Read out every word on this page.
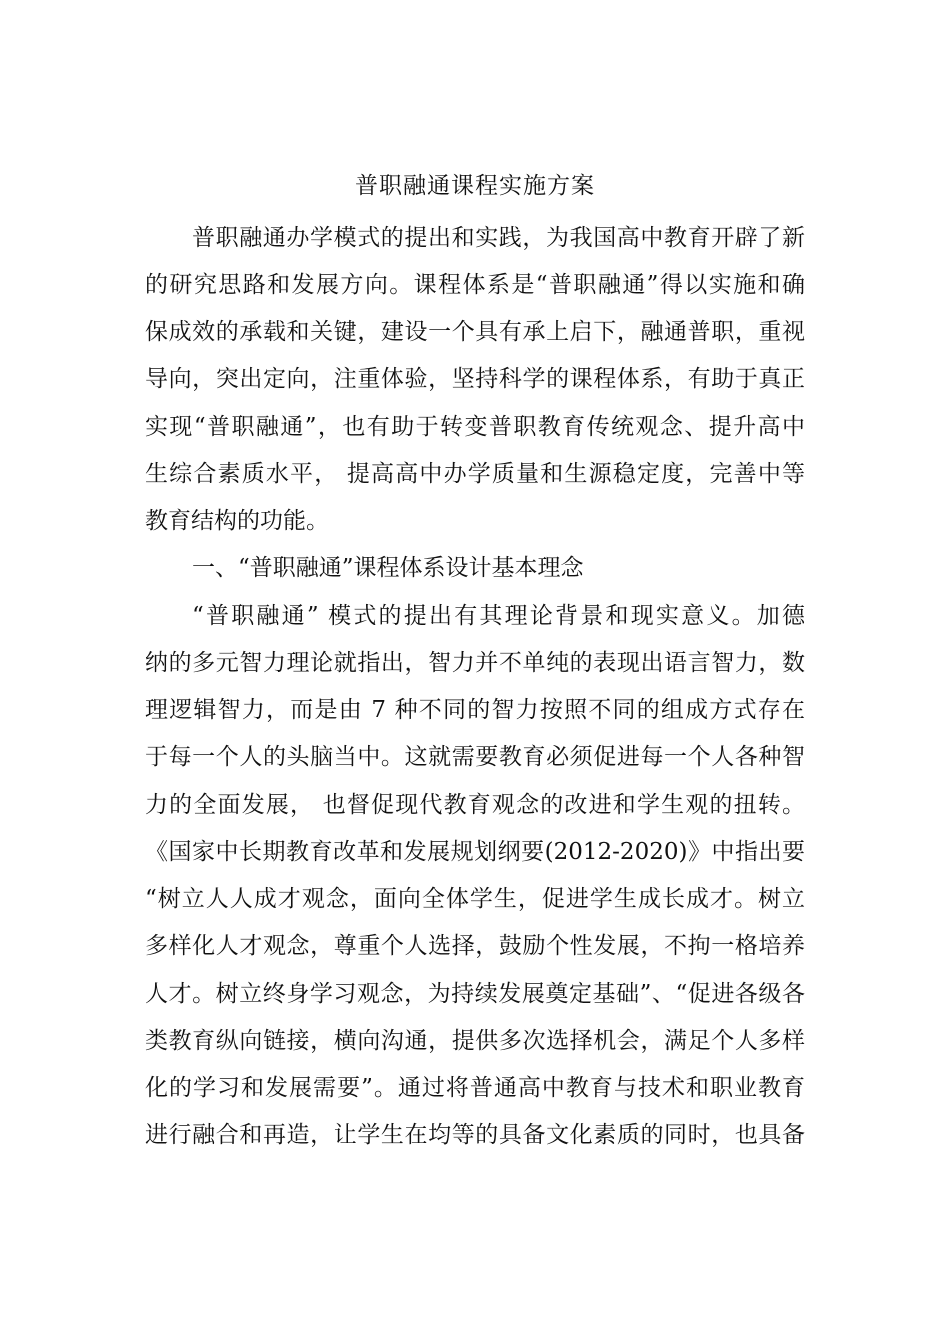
普职融通课程实施方案
普职融通办学模式的提出和实践，为我国高中教育开辟了新
的研究思路和发展方向。课程体系是“普职融通”得以实施和确
保成效的承载和关键，建设一个具有承上启下，融通普职，重视
导向，突出定向，注重体验，坚持科学的课程体系，有助于真正
实现“普职融通”，也有助于转变普职教育传统观念、提升高中
生综合素质水平， 提高高中办学质量和生源稳定度，完善中等
教育结构的功能。
一、“普职融通”课程体系设计基本理念
“普职融通” 模式的提出有其理论背景和现实意义。加德
纳的多元智力理论就指出，智力并不单纯的表现出语言智力，数
理逻辑智力，而是由 7 种不同的智力按照不同的组成方式存在
于每一个人的头脑当中。这就需要教育必须促进每一个人各种智
力的全面发展， 也督促现代教育观念的改进和学生观的扭转。
《国家中长期教育改革和发展规划纲要(2012-2020)》中指出要
“树立人人成才观念，面向全体学生，促进学生成长成才。树立
多样化人才观念，尊重个人选择，鼓励个性发展，不拘一格培养
人才。树立终身学习观念，为持续发展奠定基础”、“促进各级各
类教育纵向链接，横向沟通，提供多次选择机会，满足个人多样
化的学习和发展需要”。通过将普通高中教育与技术和职业教育
进行融合和再造，让学生在均等的具备文化素质的同时，也具备
